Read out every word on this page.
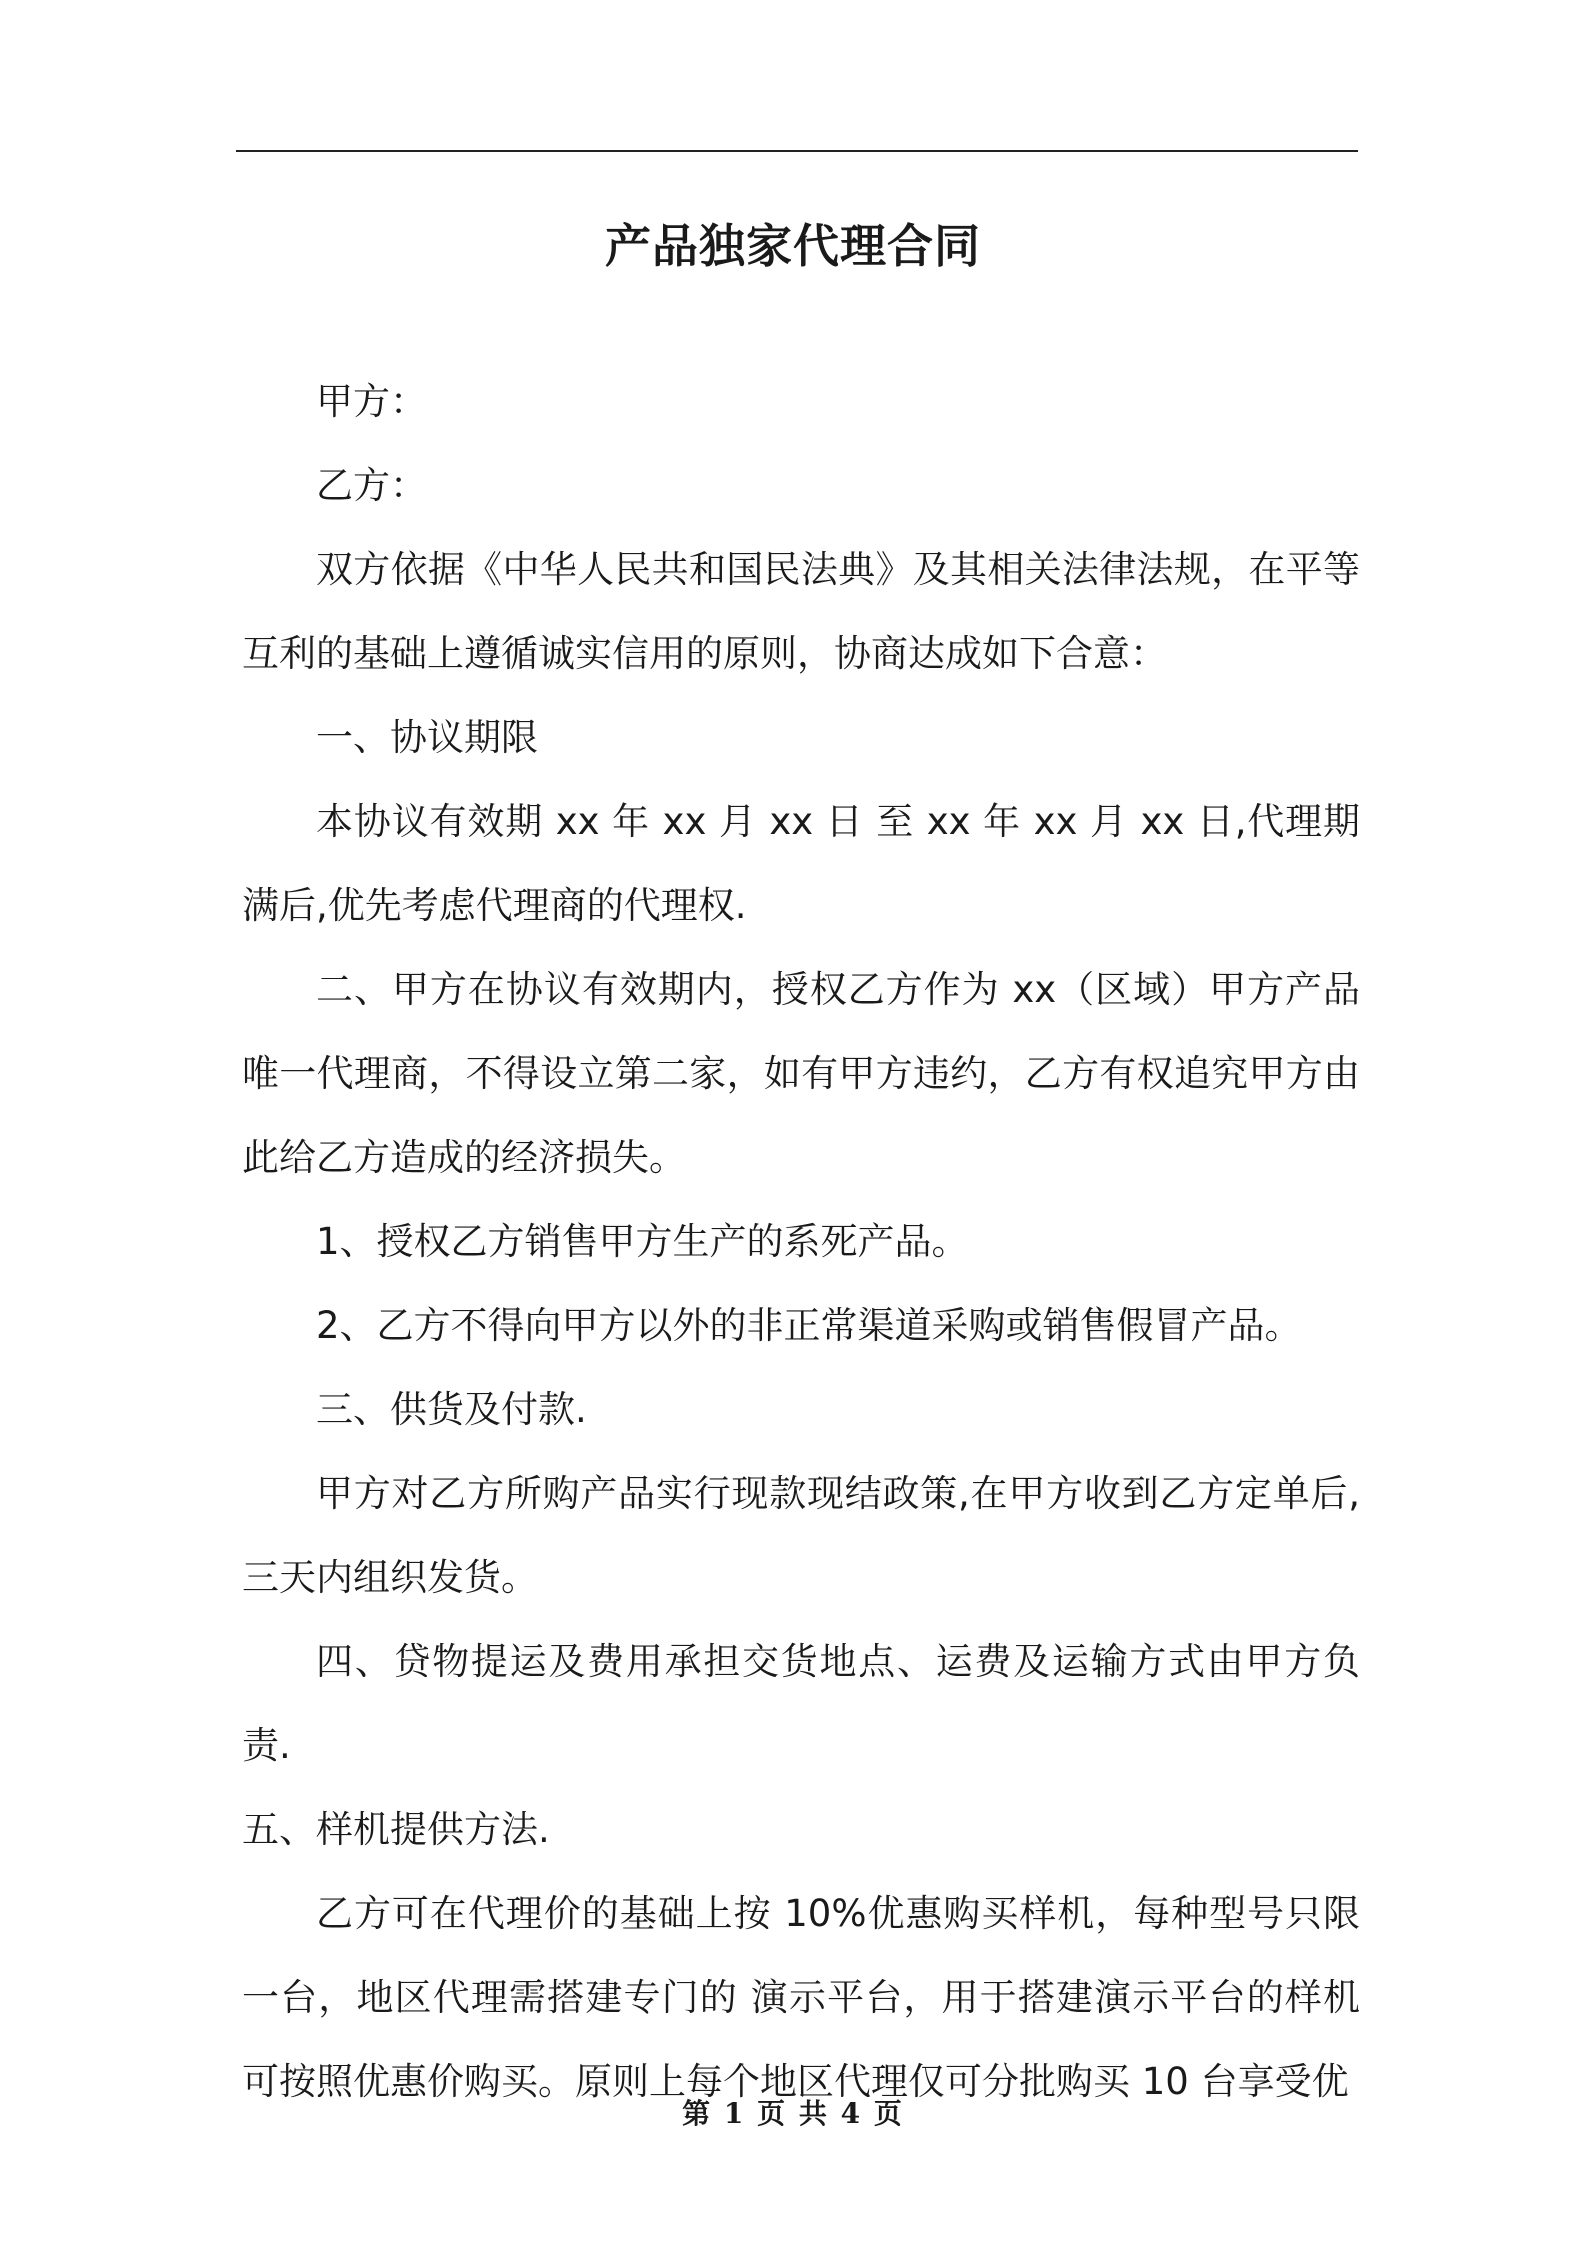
产品独家代理合同

甲方：

乙方：

双方依据《中华人民共和国民法典》及其相关法律法规，在平等互利的基础上遵循诚实信用的原则，协商达成如下合意：

一、协议期限

本协议有效期 xx 年 xx 月 xx 日 至 xx 年 xx 月 xx 日,代理期满后,优先考虑代理商的代理权.

二、甲方在协议有效期内，授权乙方作为 xx（区域）甲方产品唯一代理商，不得设立第二家，如有甲方违约，乙方有权追究甲方由此给乙方造成的经济损失。

1、授权乙方销售甲方生产的系死产品。

2、乙方不得向甲方以外的非正常渠道采购或销售假冒产品。

三、供货及付款.

甲方对乙方所购产品实行现款现结政策,在甲方收到乙方定单后,三天内组织发货。

四、贷物提运及费用承担交货地点、运费及运输方式由甲方负责.

五、样机提供方法.

乙方可在代理价的基础上按 10%优惠购买样机，每种型号只限一台，地区代理需搭建专门的 演示平台，用于搭建演示平台的样机可按照优惠价购买。原则上每个地区代理仅可分批购买 10 台享受优

第 1 页 共 4 页
